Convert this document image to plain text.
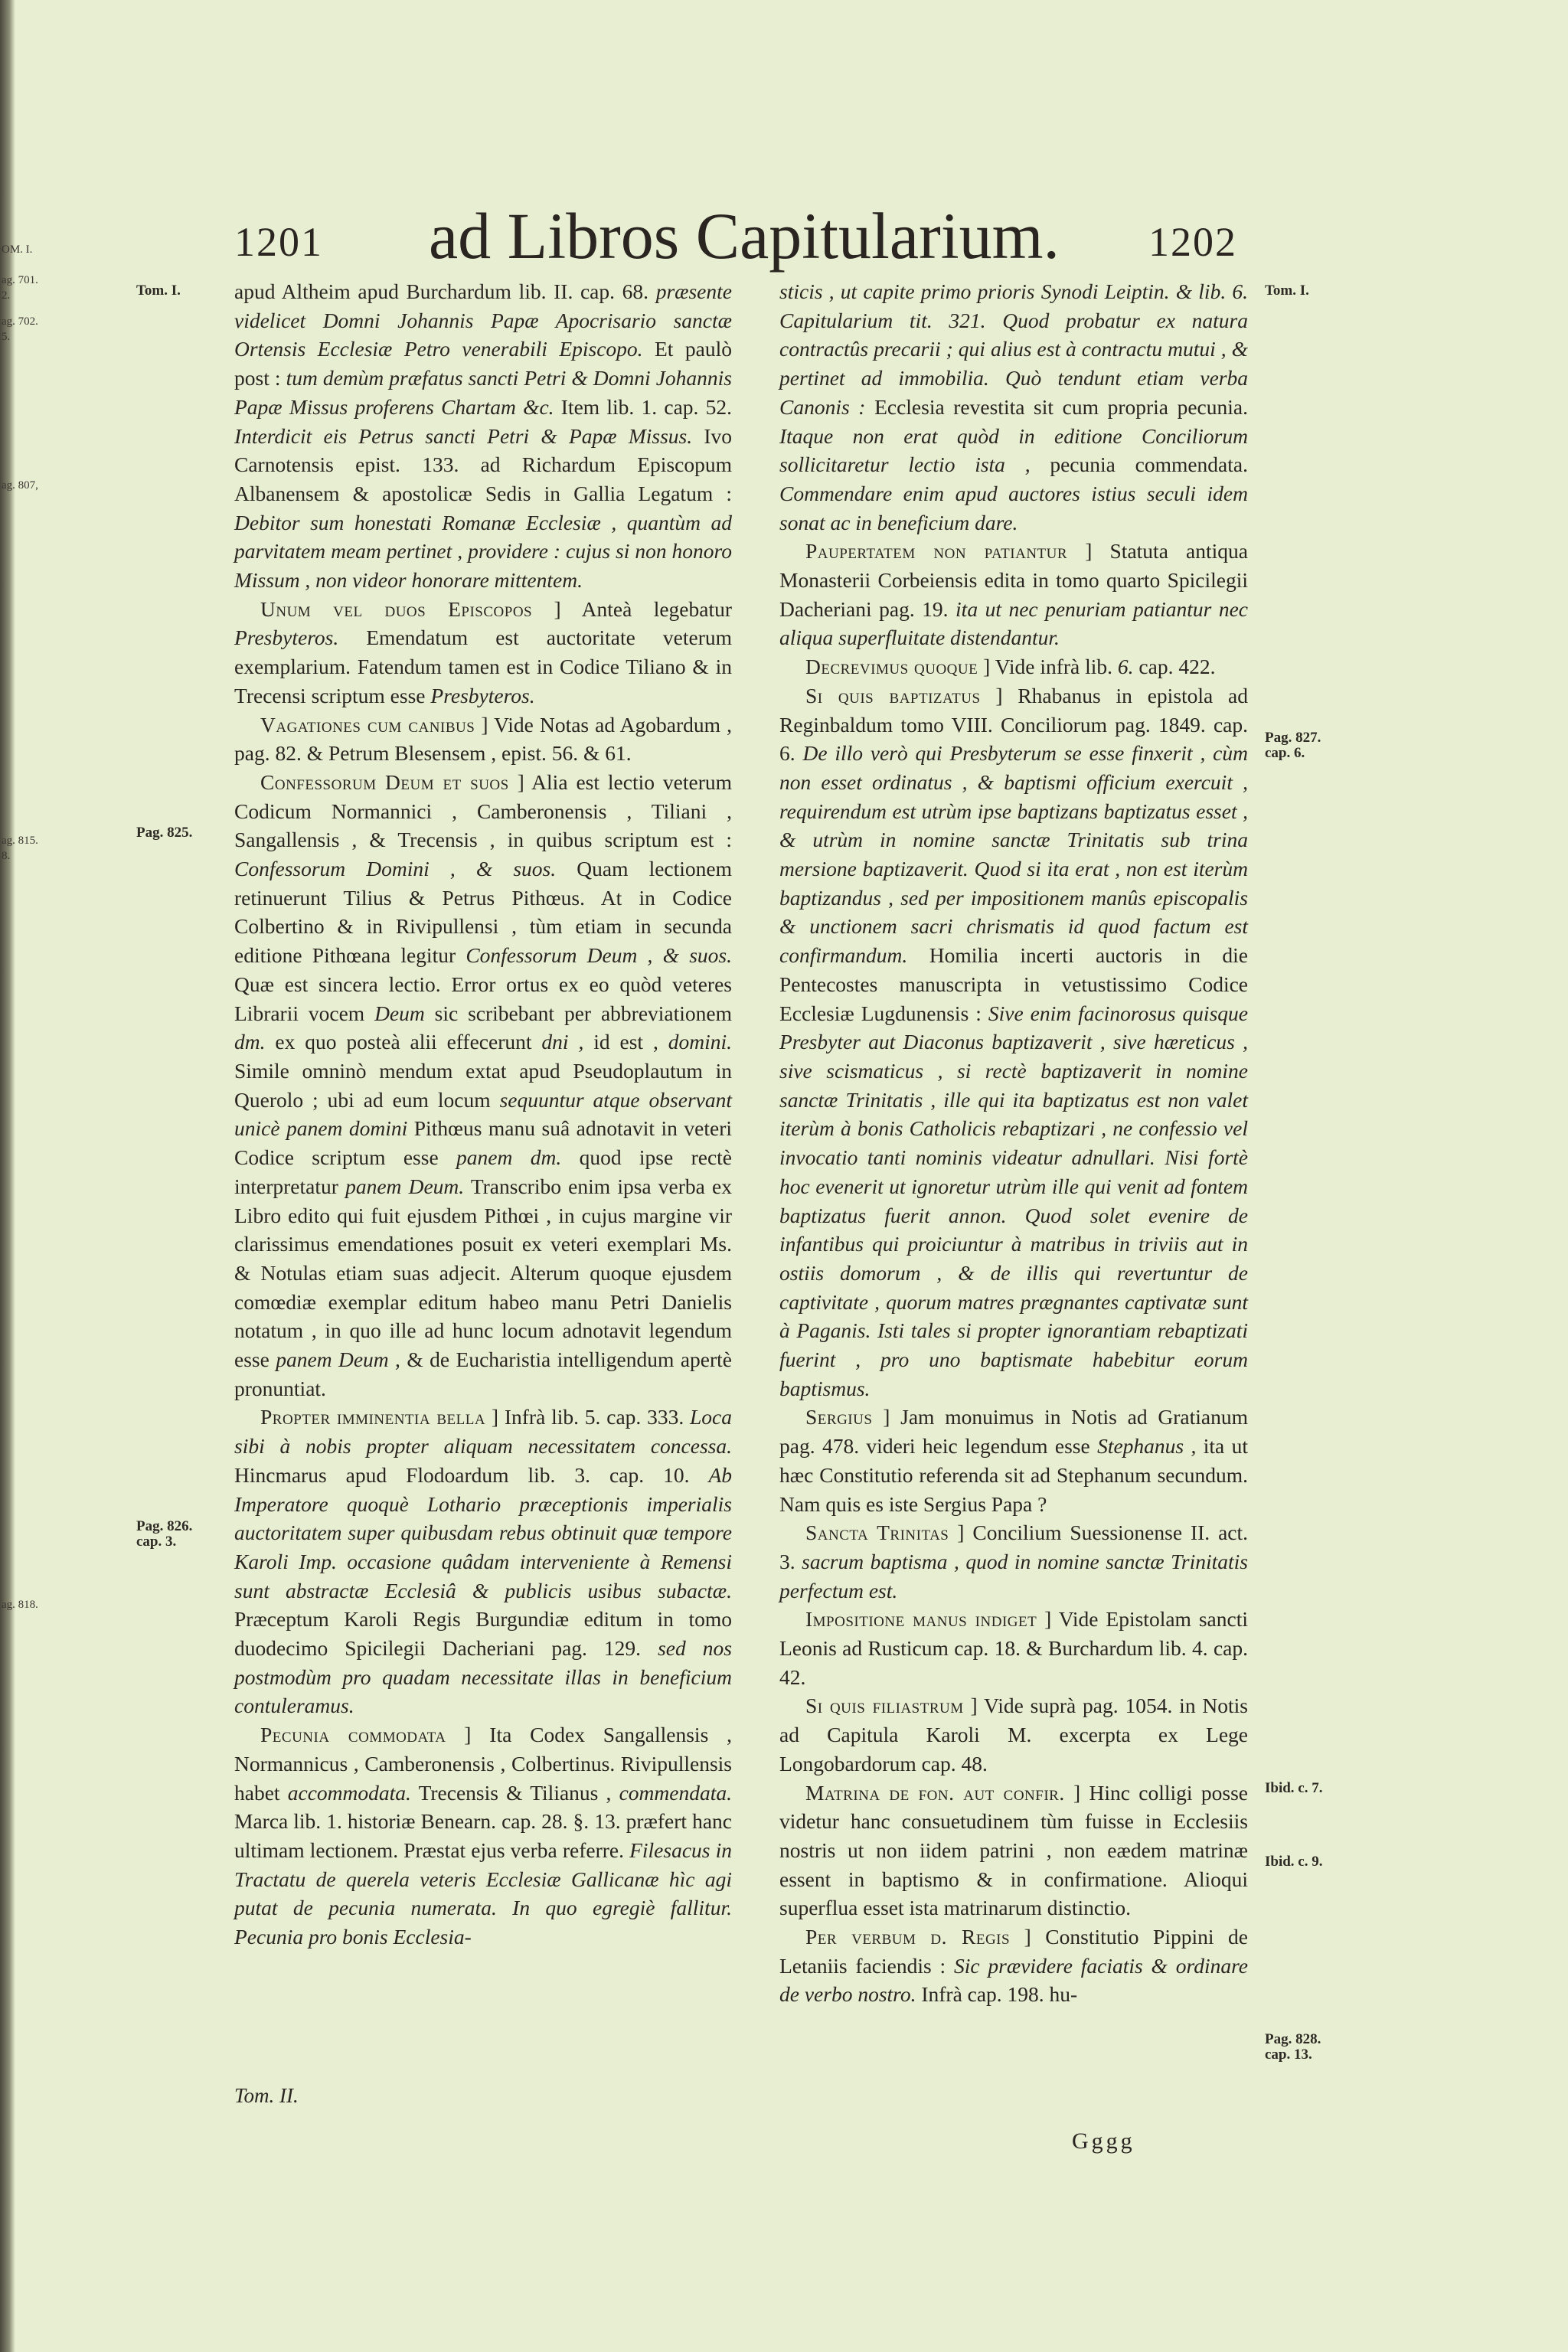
OM. I.
ag. 701.
2.
ag. 702.
5.
ag. 807,
ag. 815.
8.
ag. 818.
1201 ad Libros Capitularium. 1202
Tom. I.
Pag. 825.
Pag. 826.
cap. 3.
Tom. I.
Pag. 827.
cap. 6.
Ibid. c. 7.
Ibid. c. 9.
Pag. 828.
cap. 13.

apud Altheim apud Burchardum lib. II. cap. 68. præsente videlicet Domni Johannis Papæ Apocrisario sanctæ Ortensis Ecclesiæ Petro venerabili Episcopo. Et paulò post : tum demùm præfatus sancti Petri & Domni Johannis Papæ Missus proferens Chartam &c. Item lib. 1. cap. 52. Interdicit eis Petrus sancti Petri & Papæ Missus. Ivo Carnotensis epist. 133. ad Richardum Episcopum Albanensem & apostolicæ Sedis in Gallia Legatum : Debitor sum honestati Romanæ Ecclesiæ , quantùm ad parvitatem meam pertinet , providere : cujus si non honoro Missum , non videor honorare mittentem.

Unum vel duos Episcopos ] Anteà legebatur Presbyteros. Emendatum est auctoritate veterum exemplarium. Fatendum tamen est in Codice Tiliano & in Trecensi scriptum esse Presbyteros.

Vagationes cum canibus ] Vide Notas ad Agobardum , pag. 82. & Petrum Blesensem , epist. 56. & 61.

Confessorum Deum et suos ] Alia est lectio veterum Codicum Normannici , Camberonensis , Tiliani , Sangallensis , & Trecensis , in quibus scriptum est : Confessorum Domini , & suos. Quam lectionem retinuerunt Tilius & Petrus Pithœus. At in Codice Colbertino & in Rivipullensi , tùm etiam in secunda editione Pithœana legitur Confessorum Deum , & suos. Quæ est sincera lectio. Error ortus ex eo quòd veteres Librarii vocem Deum sic scribebant per abbreviationem dm. ex quo posteà alii effecerunt dni , id est , domini. Simile omninò mendum extat apud Pseudoplautum in Querolo ; ubi ad eum locum sequuntur atque observant unicè panem domini Pithœus manu suâ adnotavit in veteri Codice scriptum esse panem dm. quod ipse rectè interpretatur panem Deum. Transcribo enim ipsa verba ex Libro edito qui fuit ejusdem Pithœi , in cujus margine vir clarissimus emendationes posuit ex veteri exemplari Ms. & Notulas etiam suas adjecit. Alterum quoque ejusdem comœdiæ exemplar editum habeo manu Petri Danielis notatum , in quo ille ad hunc locum adnotavit legendum esse panem Deum , & de Eucharistia intelligendum apertè pronuntiat.

Propter imminentia bella ] Infrà lib. 5. cap. 333. Loca sibi à nobis propter aliquam necessitatem concessa. Hincmarus apud Flodoardum lib. 3. cap. 10. Ab Imperatore quoquè Lothario præceptionis imperialis auctoritatem super quibusdam rebus obtinuit quæ tempore Karoli Imp. occasione quâdam interveniente à Remensi sunt abstractæ Ecclesiâ & publicis usibus subactæ. Præceptum Karoli Regis Burgundiæ editum in tomo duodecimo Spicilegii Dacheriani pag. 129. sed nos postmodùm pro quadam necessitate illas in beneficium contuleramus.

Pecunia commodata ] Ita Codex Sangallensis , Normannicus , Camberonensis , Colbertinus. Rivipullensis habet accommodata. Trecensis & Tilianus , commendata. Marca lib. 1. historiæ Benearn. cap. 28. §. 13. præfert hanc ultimam lectionem. Præstat ejus verba referre. Filesacus in Tractatu de querela veteris Ecclesiæ Gallicanæ hìc agi putat de pecunia numerata. In quo egregiè fallitur. Pecunia pro bonis Ecclesia-

sticis , ut capite primo prioris Synodi Leiptin. & lib. 6. Capitularium tit. 321. Quod probatur ex natura contractûs precarii ; qui alius est à contractu mutui , & pertinet ad immobilia. Quò tendunt etiam verba Canonis : Ecclesia revestita sit cum propria pecunia. Itaque non erat quòd in editione Conciliorum sollicitaretur lectio ista , pecunia commendata. Commendare enim apud auctores istius seculi idem sonat ac in beneficium dare.

Paupertatem non patiantur ] Statuta antiqua Monasterii Corbeiensis edita in tomo quarto Spicilegii Dacheriani pag. 19. ita ut nec penuriam patiantur nec aliqua superfluitate distendantur.

Decrevimus quoque ] Vide infrà lib. 6. cap. 422.

Si quis baptizatus ] Rhabanus in epistola ad Reginbaldum tomo VIII. Conciliorum pag. 1849. cap. 6. De illo verò qui Presbyterum se esse finxerit , cùm non esset ordinatus , & baptismi officium exercuit , requirendum est utrùm ipse baptizans baptizatus esset , & utrùm in nomine sanctæ Trinitatis sub trina mersione baptizaverit. Quod si ita erat , non est iterùm baptizandus , sed per impositionem manûs episcopalis & unctionem sacri chrismatis id quod factum est confirmandum. Homilia incerti auctoris in die Pentecostes manuscripta in vetustissimo Codice Ecclesiæ Lugdunensis : Sive enim facinorosus quisque Presbyter aut Diaconus baptizaverit , sive hæreticus , sive scismaticus , si rectè baptizaverit in nomine sanctæ Trinitatis , ille qui ita baptizatus est non valet iterùm à bonis Catholicis rebaptizari , ne confessio vel invocatio tanti nominis videatur adnullari. Nisi fortè hoc evenerit ut ignoretur utrùm ille qui venit ad fontem baptizatus fuerit annon. Quod solet evenire de infantibus qui proiciuntur à matribus in triviis aut in ostiis domorum , & de illis qui revertuntur de captivitate , quorum matres prægnantes captivatæ sunt à Paganis. Isti tales si propter ignorantiam rebaptizati fuerint , pro uno baptismate habebitur eorum baptismus.

Sergius ] Jam monuimus in Notis ad Gratianum pag. 478. videri heic legendum esse Stephanus , ita ut hæc Constitutio referenda sit ad Stephanum secundum. Nam quis es iste Sergius Papa ?

Sancta Trinitas ] Concilium Suessionense II. act. 3. sacrum baptisma , quod in nomine sanctæ Trinitatis perfectum est.

Impositione manus indiget ] Vide Epistolam sancti Leonis ad Rusticum cap. 18. & Burchardum lib. 4. cap. 42.

Si quis filiastrum ] Vide suprà pag. 1054. in Notis ad Capitula Karoli M. excerpta ex Lege Longobardorum cap. 48.

Matrina de fon. aut confir. ] Hinc colligi posse videtur hanc consuetudinem tùm fuisse in Ecclesiis nostris ut non iidem patrini , non eædem matrinæ essent in baptismo & in confirmatione. Alioqui superflua esset ista matrinarum distinctio.

Per verbum d. Regis ] Constitutio Pippini de Letaniis faciendis : Sic prævidere faciatis & ordinare de verbo nostro. Infrà cap. 198. hu-

Tom. II.
Gggg
